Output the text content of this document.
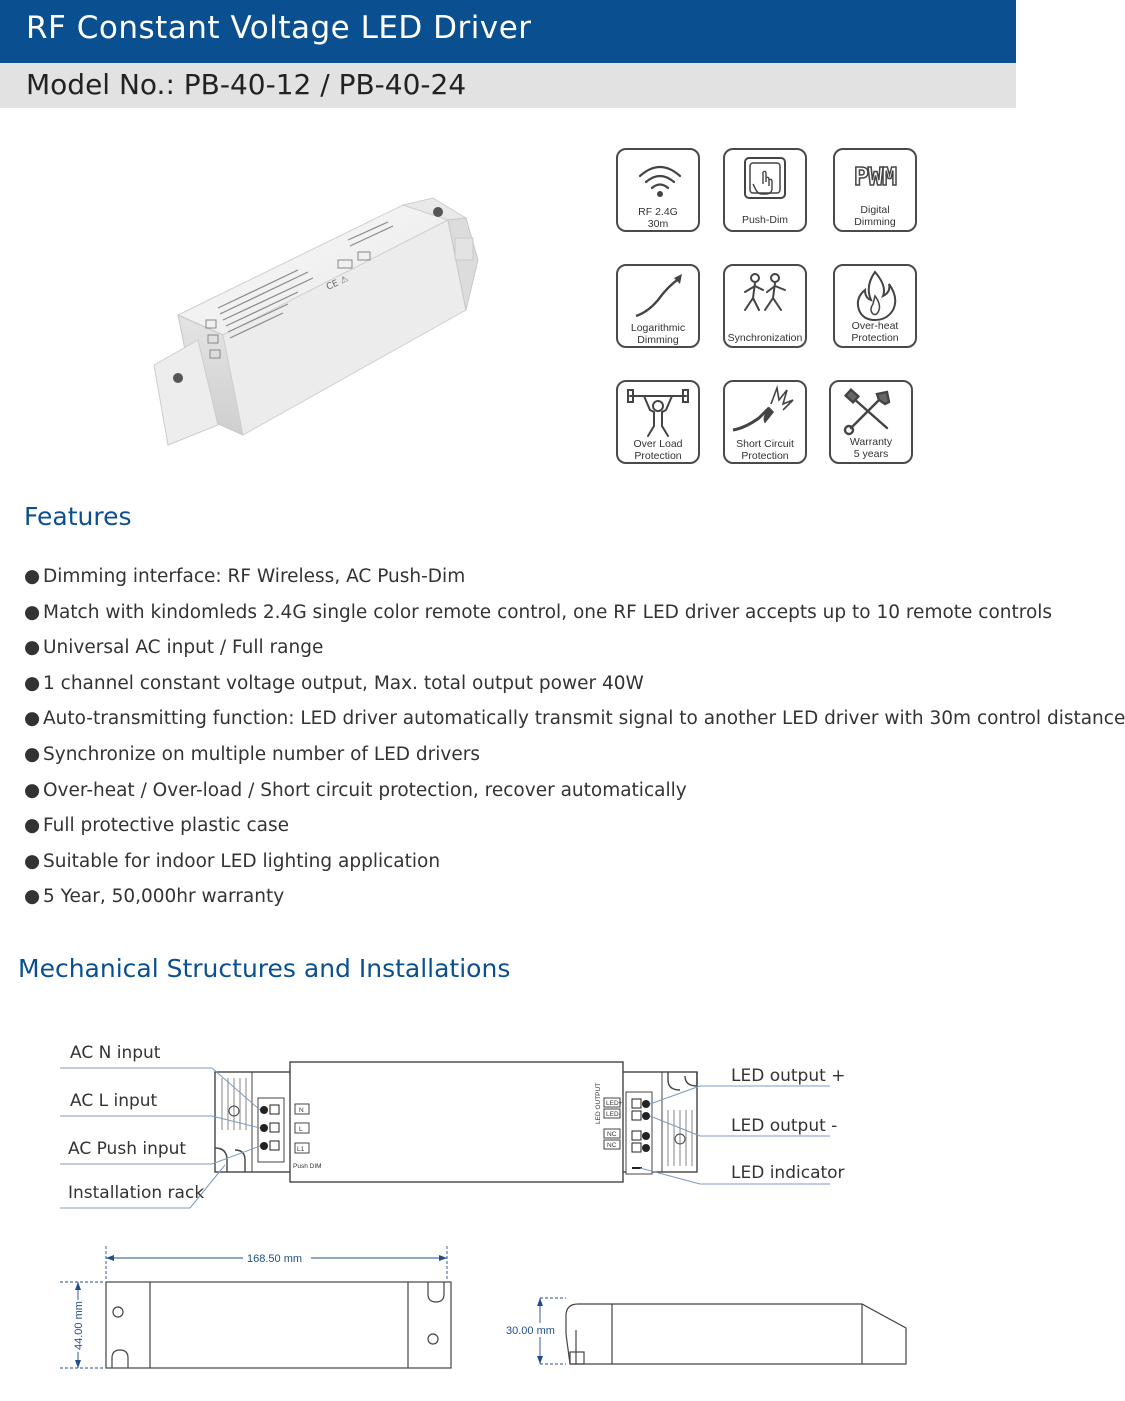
RF Constant Voltage LED Driver
Model No.: PB-40-12 / PB-40-24
CE ⚠
RF 2.4G
30m	Push-Dim
PWM
Digital
Dimming
Logarithmic
Dimming	Synchronization
Over-heat
Protection
Over Load
Protection
Short Circuit
Protection
Warranty
5 years
Features
● Dimming interface: RF Wireless, AC Push-Dim
● Match with kindomleds 2.4G single color remote control, one RF LED driver accepts up to 10 remote controls
● Universal AC input / Full range
● 1 channel constant voltage output, Max. total output power 40W
● Auto-transmitting function: LED driver automatically transmit signal to another LED driver with 30m control distance
● Synchronize on multiple number of LED drivers
● Over-heat / Over-load / Short circuit protection, recover automatically
● Full protective plastic case
● Suitable for indoor LED lighting application
● 5 Year, 50,000hr warranty
Mechanical Structures and Installations
N
L
L1
Push DIM
LED+
LED-
NC
NC
LED OUTPUT
AC N input
AC L input
AC Push input
Installation rack
LED output +
LED output -
LED indicator
168.50 mm
44.00 mm	30.00 mm
